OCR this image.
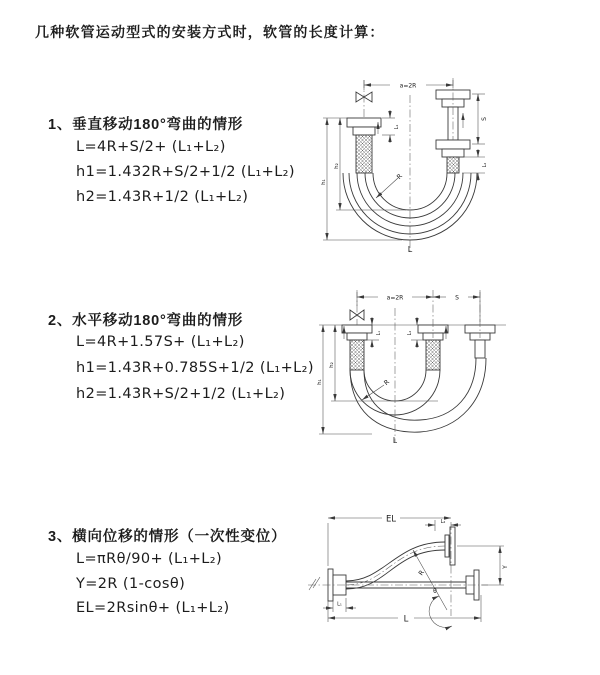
几种软管运动型式的安装方式时，软管的长度计算：
1、垂直移动180°弯曲的情形
L=4R+S/2+ (L₁+L₂)
h1=1.432R+S/2+1/2 (L₁+L₂)
h2=1.43R+1/2 (L₁+L₂)
a=2R
h₁
h₂
L₁
S
L₂
R
L
2、水平移动180°弯曲的情形
L=4R+1.57S+ (L₁+L₂)
h1=1.43R+0.785S+1/2 (L₁+L₂)
h2=1.43R+S/2+1/2 (L₁+L₂)
a=2R	S
h₁
h₂
L₁	L₂
R
L
3、横向位移的情形（一次性变位）
L=πRθ/90+ (L₁+L₂)
Y=2R (1-cosθ)
EL=2Rsinθ+ (L₁+L₂)
EL	L₂
L₁
R
θ
Y
L
